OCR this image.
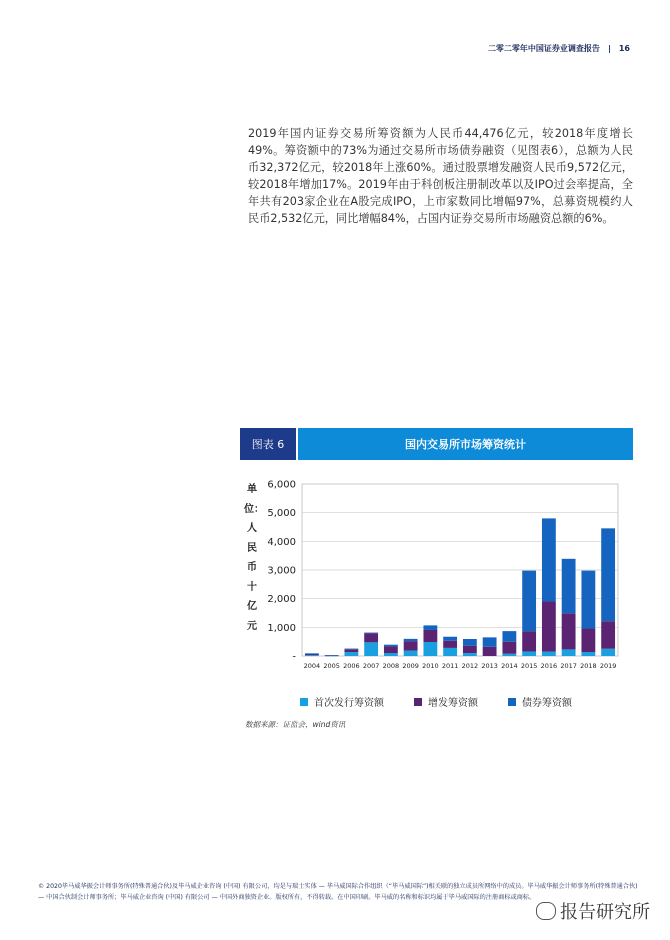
二零二零年中国证券业调查报告 | 16
2019年国内证券交易所筹资额为人民币44,476亿元，较2018年度增长49%。筹资额中的73%为通过交易所市场债券融资（见图表6），总额为人民币32,372亿元，较2018年上涨60%。通过股票增发融资人民币9,572亿元，较2018年增加17%。2019年由于科创板注册制改革以及IPO过会率提高，全年共有203家企业在A股完成IPO，上市家数同比增幅97%，总募资规模约人民币2,532亿元，同比增幅84%，占国内证券交易所市场融资总额的6%。
图表 6	国内交易所市场筹资统计
单位：人民币十亿元
-
1,000
2,000
3,000
4,000
5,000
6,000
2004 2005 2006 2007 2008 2009 2010 2011 2012 2013 2014 2015 2016 2017 2018 2019
首次发行筹资额	增发筹资额	债券筹资额
数据来源：证监会，wind资讯
© 2020毕马威华振会计师事务所(特殊普通合伙)及毕马威企业咨询 (中国) 有限公司，均是与瑞士实体 — 毕马威国际合作组织（“毕马威国际”)相关联的独立成员所网络中的成员。毕马威华振会计师事务所(特殊普通合伙) — 中国合伙制会计师事务所；毕马威企业咨询 (中国) 有限公司 — 中国外商独资企业。版权所有，不得转载。在中国印刷。毕马威的名称和标识均属于毕马威国际的注册商标或商标。
报告研究所
